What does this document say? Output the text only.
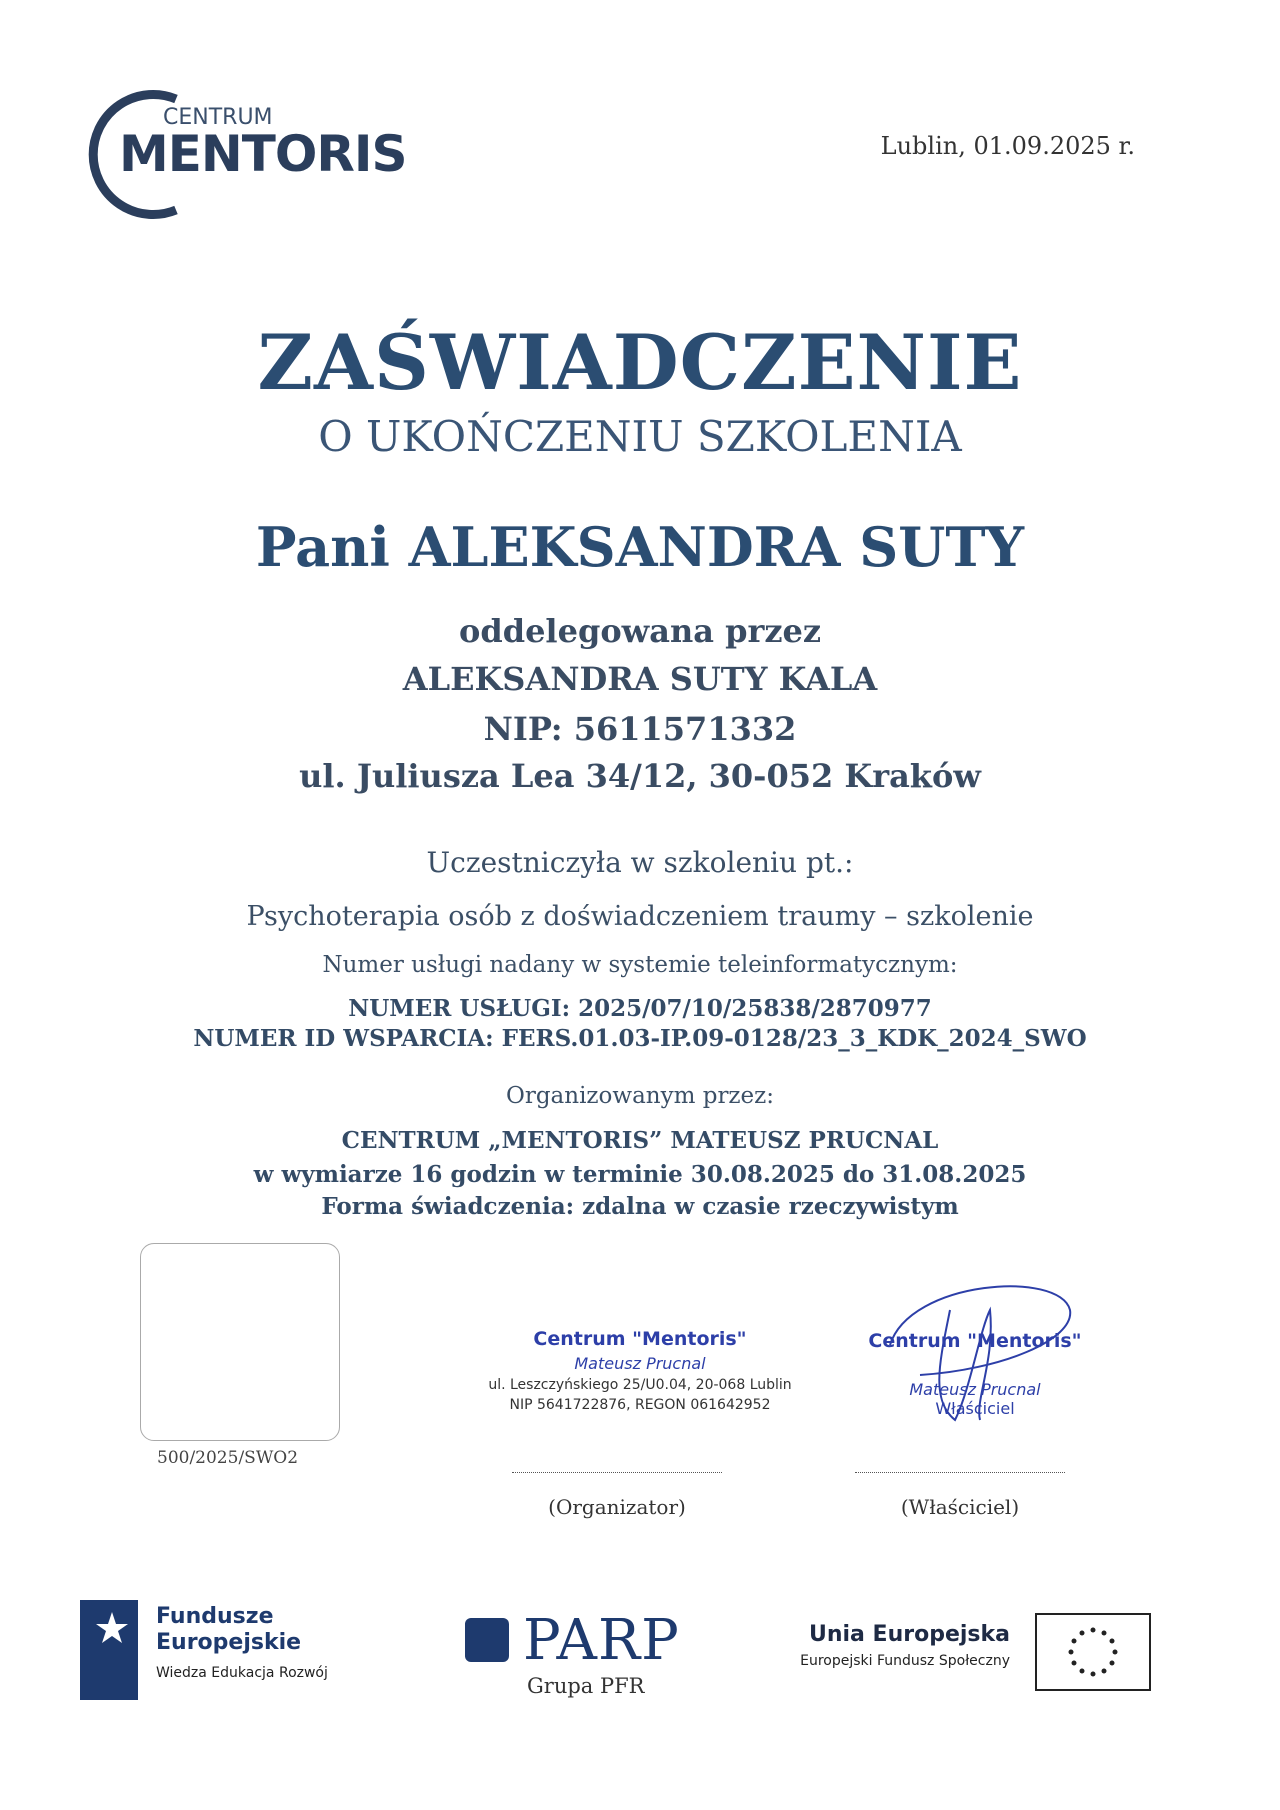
CENTRUM
MENTORIS	Lublin, 01.09.2025 r.
ZAŚWIADCZENIE
O UKOŃCZENIU SZKOLENIA
Pani ALEKSANDRA SUTY
oddelegowana przez
ALEKSANDRA SUTY KALA
NIP: 5611571332
ul. Juliusza Lea 34/12, 30-052 Kraków
Uczestniczyła w szkoleniu pt.:
Psychoterapia osób z doświadczeniem traumy – szkolenie
Numer usługi nadany w systemie teleinformatycznym:
NUMER USŁUGI: 2025/07/10/25838/2870977
NUMER ID WSPARCIA: FERS.01.03-IP.09-0128/23_3_KDK_2024_SWO
Organizowanym przez:
CENTRUM „MENTORIS” MATEUSZ PRUCNAL
w wymiarze 16 godzin w terminie 30.08.2025 do 31.08.2025
Forma świadczenia: zdalna w czasie rzeczywistym
500/2025/SWO2
Centrum "Mentoris"
Mateusz Prucnal
ul. Leszczyńskiego 25/U0.04, 20-068 Lublin
NIP 5641722876, REGON 061642952
Centrum "Mentoris"
Mateusz Prucnal
Właściciel
(Organizator)	(Właściciel)
Fundusze
Europejskie
Wiedza Edukacja Rozwój	PARP
Grupa PFR
Unia Europejska
Europejski Fundusz Społeczny
